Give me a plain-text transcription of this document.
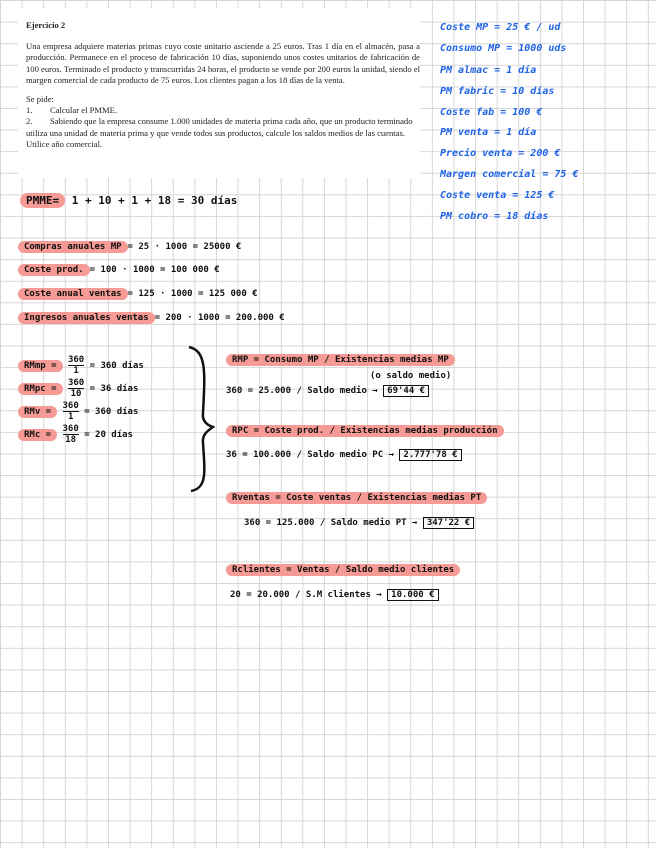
Ejercicio 2

Una empresa adquiere materias primas cuyo coste unitario asciende a 25 euros. Tras 1 día en el almacén, pasa a producción. Permanece en el proceso de fabricación 10 días, suponiendo unos costes unitarios de fabricación de 100 euros. Terminado el producto y transcurridas 24 horas, el producto se vende por 200 euros la unidad, siendo el margen comercial de cada producto de 75 euros. Los clientes pagan a los 18 días de la venta.

Se pide:
1. Calcular el PMME.
2. Sabiendo que la empresa consume 1.000 unidades de materia prima cada año, que un producto terminado utiliza una unidad de materia prima y que vende todos sus productos, calcule los saldos medios de las cuentas. Utilice año comercial.
Coste MP = 25 € / ud
Consumo MP = 1000 uds
PM almac = 1 día
PM fabric = 10 días
Coste fab = 100 €
PM venta = 1 día
Precio venta = 200 €
Margen comercial = 75 €
Coste venta = 125 €
PM cobro = 18 días
PMME= 1 + 10 + 1 + 18 = 30 días
Compras anuales MP = 25 · 1000 = 25000 €
Coste prod. = 100 · 1000 = 100 000 €
Coste anual ventas = 125 · 1000 = 125 000 €
Ingresos anuales ventas = 200 · 1000 = 200.000 €
RMmp = $\frac{360}{1} = 360$ días
RMpc = $\frac{360}{10} = 36$ días
RMv = $\frac{360}{1} = 360$ días
RMc = $\frac{360}{18} = 20$ días
RMP = Consumo MP / Existencias medias MP
(o saldo medio)
360 = 25.000 / Saldo medio → 69'44 €
RPC = Coste prod. / Existencias medias producción
36 = 100.000 / Saldo medio PC → 2.777'78 €
Rventas = Coste ventas / Existencias medias PT
360 = 125.000 / Saldo medio PT → 347'22 €
Rclientes = Ventas / Saldo medio clientes
20 = 20.000 / S.M clientes → 10.000 €
